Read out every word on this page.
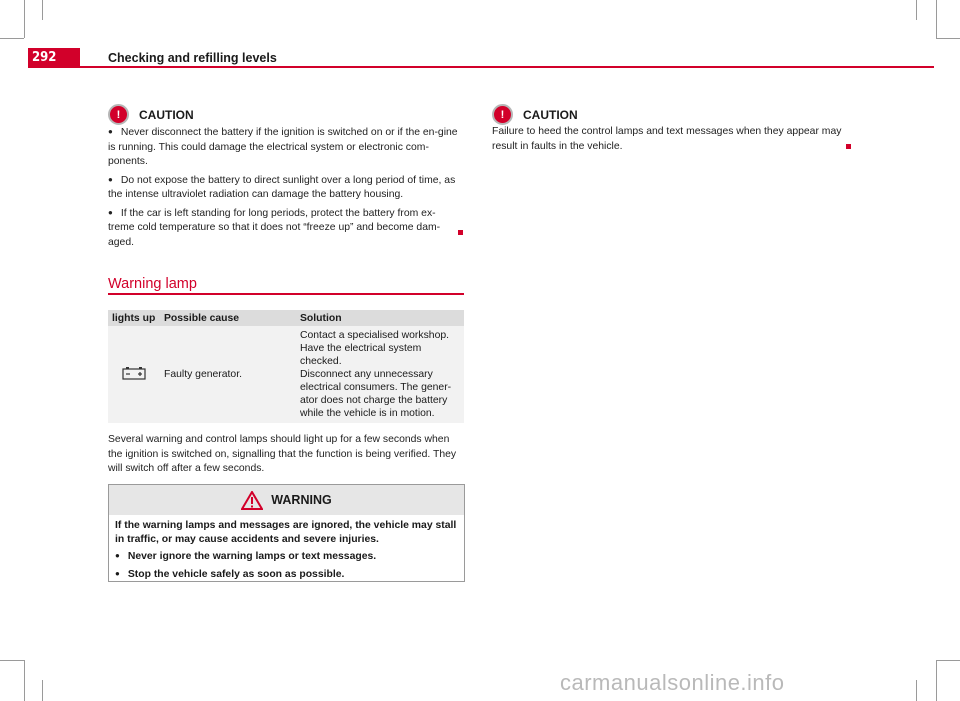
292	Checking and refilling levels
!	CAUTION

● Never disconnect the battery if the ignition is switched on or if the en-gine is running. This could damage the electrical system or electronic com-ponents.

● Do not expose the battery to direct sunlight over a long period of time, as the intense ultraviolet radiation can damage the battery housing.

● If the car is left standing for long periods, protect the battery from ex-treme cold temperature so that it does not “freeze up” and become dam-aged.

Warning lamp
lights up	Possible cause	Solution
	Faulty generator.	Contact a specialised workshop. Have the electrical system checked.
Disconnect any unnecessary electrical consumers. The gener-ator does not charge the battery while the vehicle is in motion.
Several warning and control lamps should light up for a few seconds when the ignition is switched on, signalling that the function is being verified. They will switch off after a few seconds.
WARNING

If the warning lamps and messages are ignored, the vehicle may stall in traffic, or may cause accidents and severe injuries.

● Never ignore the warning lamps or text messages.

● Stop the vehicle safely as soon as possible.

!	CAUTION
Failure to heed the control lamps and text messages when they appear may result in faults in the vehicle.
carmanualsonline.info
